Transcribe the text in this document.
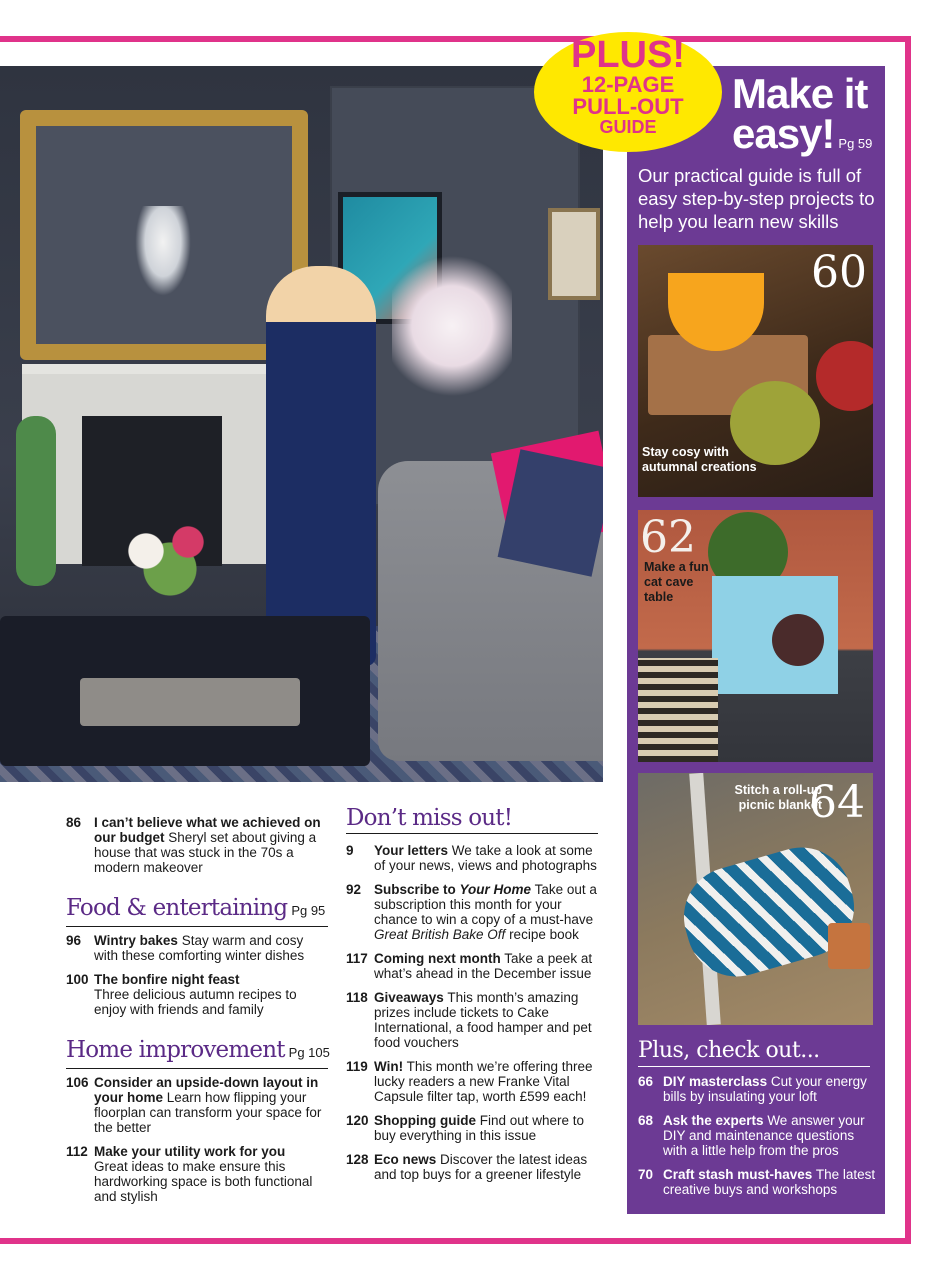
PLUS!
12-PAGE
PULL-OUT
GUIDE
Make it
easy! Pg 59
Our practical guide is full of easy step-by-step projects to help you learn new skills
60
Stay cosy with autumnal creations
62
Make a fun cat cave table
64
Stitch a roll-up picnic blanket
Plus, check out...
66 DIY masterclass Cut your energy bills by insulating your loft
68 Ask the experts We answer your DIY and maintenance questions with a little help from the pros
70 Craft stash must-haves The latest creative buys and workshops
86 I can’t believe what we achieved on our budget Sheryl set about giving a house that was stuck in the 70s a modern makeover
Food & entertaining Pg 95
96 Wintry bakes Stay warm and cosy with these comforting winter dishes
100 The bonfire night feast
Three delicious autumn recipes to enjoy with friends and family
Home improvement Pg 105
106 Consider an upside-down layout in your home Learn how flipping your floorplan can transform your space for the better
112 Make your utility work for you
Great ideas to make ensure this hardworking space is both functional and stylish
Don’t miss out!
9	Your letters We take a look at some of your news, views and photographs
92 Subscribe to Your Home Take out a subscription this month for your chance to win a copy of a must-have Great British Bake Off recipe book
117 Coming next month Take a peek at what’s ahead in the December issue
118 Giveaways This month’s amazing prizes include tickets to Cake International, a food hamper and pet food vouchers
119 Win! This month we’re offering three lucky readers a new Franke Vital Capsule filter tap, worth £599 each!
120 Shopping guide Find out where to buy everything in this issue
128 Eco news Discover the latest ideas and top buys for a greener lifestyle
